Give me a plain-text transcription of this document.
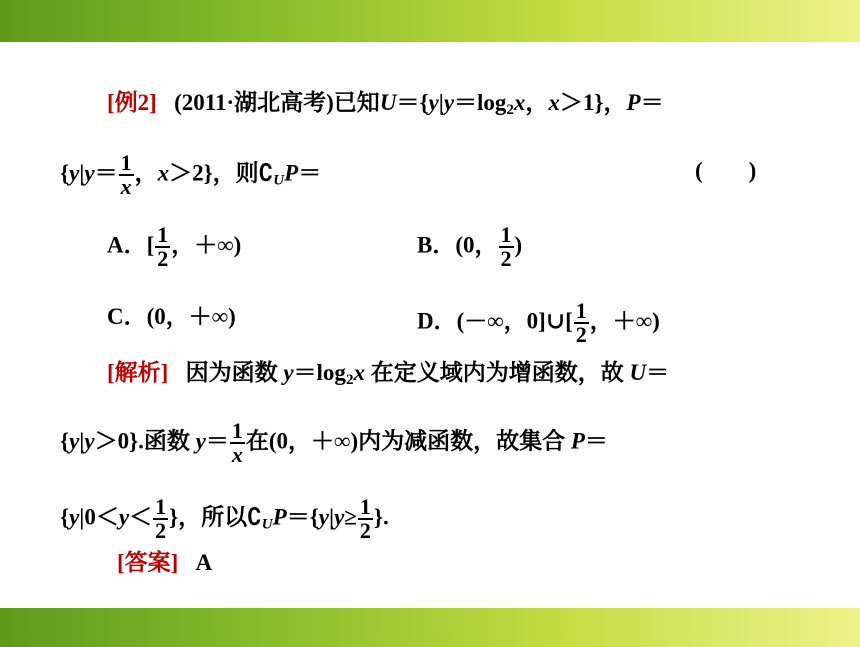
[例2] (2011·湖北高考)已知$U=\{y|y=\log_2x$，x＞1}，P＝
{$y|y= \frac{1}{x}$ ，x＞2}，则$∁_UP=$	(　　)
A．[ $\frac{1}{2}$ ，＋∞)	B．(0， $\frac{1}{2}$ )
C．(0，＋∞)	D．(－∞，0]∪[ $\frac{1}{2}$ ，＋∞)
[解析] 因为函数 $y=\log_2x$ 在定义域内为增函数，故 U＝
{y|y＞0}.函数 $y= \frac{1}{x}$ 在(0，＋∞)内为减函数，故集合 P＝
{$y|0<y< \frac{1}{2}$ }，所以$∁_UP=\{y|y\ge \frac{1}{2}$ }.
[答案] A
